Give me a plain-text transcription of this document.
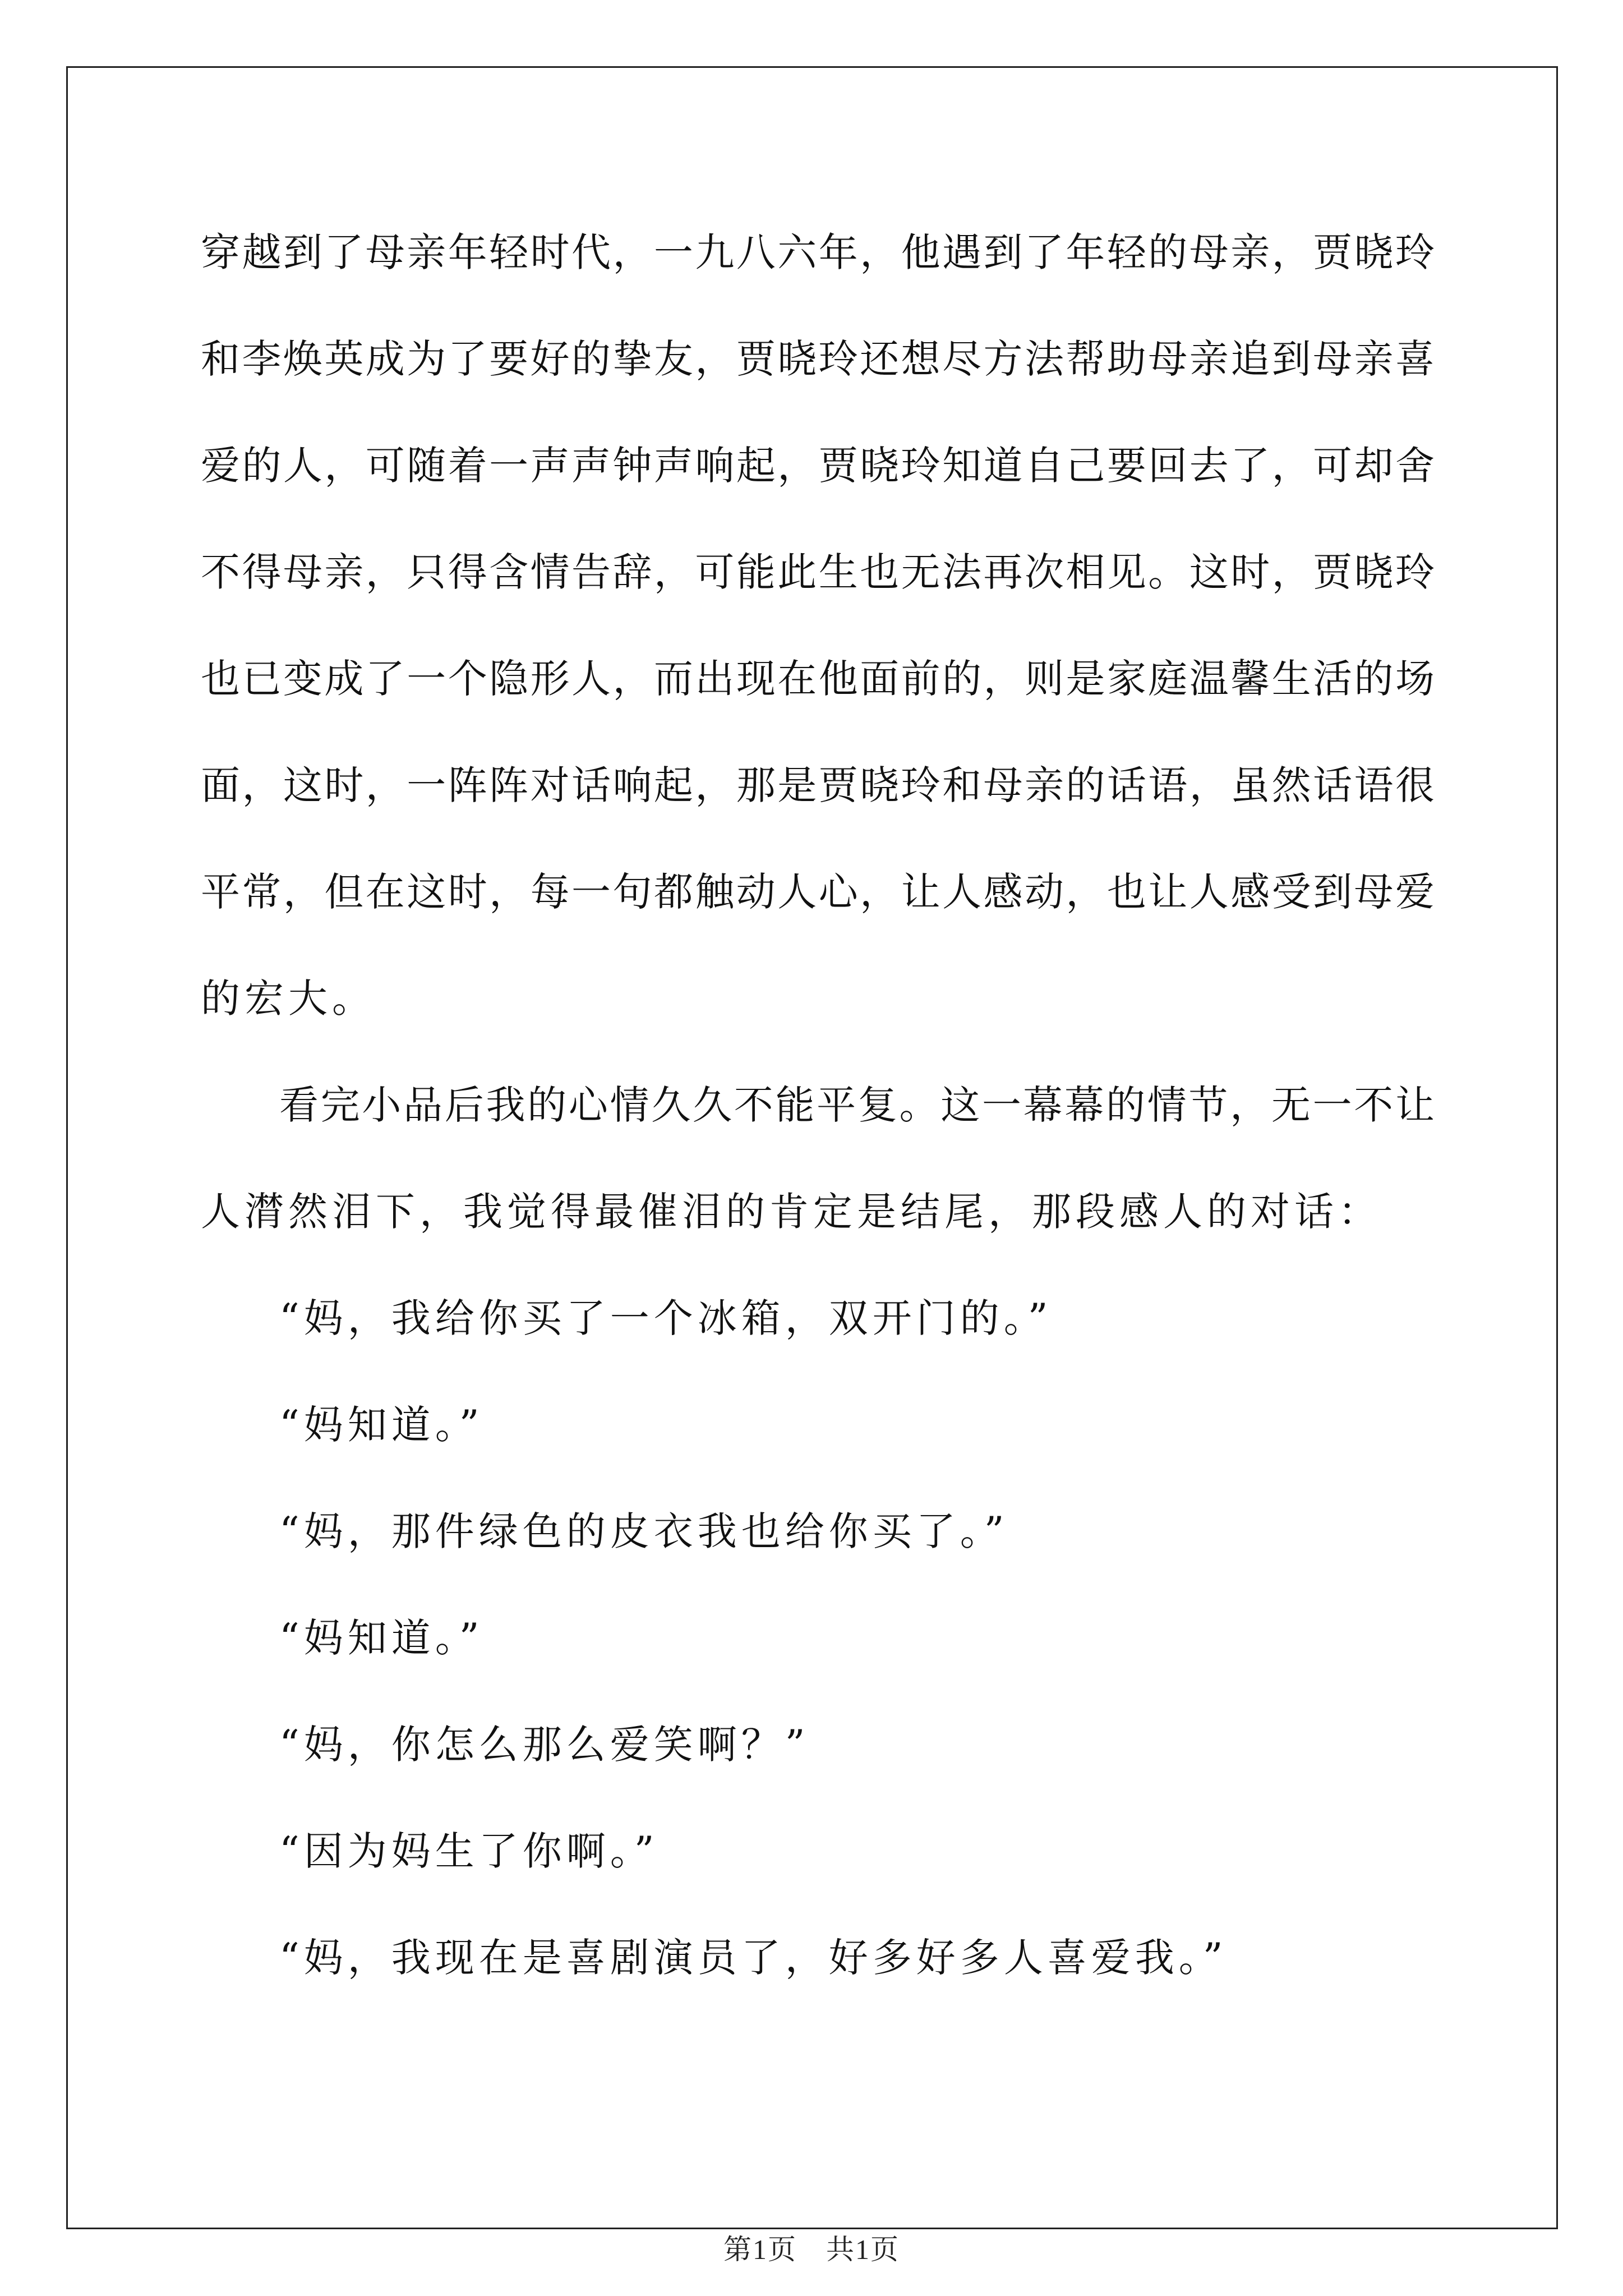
穿越到了母亲年轻时代，一九八六年，他遇到了年轻的母亲，贾晓玲
和李焕英成为了要好的挚友，贾晓玲还想尽方法帮助母亲追到母亲喜
爱的人，可随着一声声钟声响起，贾晓玲知道自己要回去了，可却舍
不得母亲，只得含情告辞，可能此生也无法再次相见。这时，贾晓玲
也已变成了一个隐形人，而出现在他面前的，则是家庭温馨生活的场
面，这时，一阵阵对话响起，那是贾晓玲和母亲的话语，虽然话语很
平常，但在这时，每一句都触动人心，让人感动，也让人感受到母爱
的宏大。
看完小品后我的心情久久不能平复。这一幕幕的情节，无一不让
人潸然泪下，我觉得最催泪的肯定是结尾，那段感人的对话：
“妈，我给你买了一个冰箱，双开门的。”
“妈知道。”
“妈，那件绿色的皮衣我也给你买了。”
“妈知道。”
“妈，你怎么那么爱笑啊？”
“因为妈生了你啊。”
“妈，我现在是喜剧演员了，好多好多人喜爱我。”
第1页　共1页
